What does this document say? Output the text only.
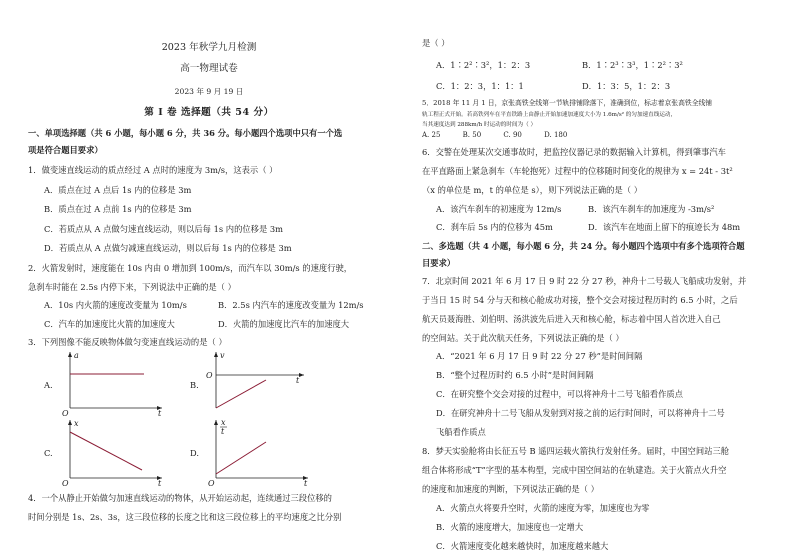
2023 年秋学九月检测
高一物理试卷
2023 年 9 月 19 日
第 I 卷 选择题（共 54 分）
一、单项选择题（共 6 小题，每小题 6 分，共 36 分。每小题四个选项中只有一个选
项是符合题目要求）
1．做变速直线运动的质点经过 A 点时的速度为 3m/s，这表示（ ）
A．质点在过 A 点后 1s 内的位移是 3m
B．质点在过 A 点前 1s 内的位移是 3m
C．若质点从 A 点做匀速直线运动，则以后每 1s 内的位移是 3m
D．若质点从 A 点做匀减速直线运动，则以后每 1s 内的位移是 3m
2．火箭发射时，速度能在 10s 内由 0 增加到 100m/s，而汽车以 30m/s 的速度行驶，
急刹车时能在 2.5s 内停下来，下列说法中正确的是（ ）
A．10s 内火箭的速度改变量为 10m/s	B．2.5s 内汽车的速度改变量为 12m/s
C．汽车的加速度比火箭的加速度大	D．火箭的加速度比汽车的加速度大
3．下列图像不能反映物体做匀变速直线运动的是（ ）
A.
a
t
O
B.
v
t
O
C.
x
t
O
D.
x
t
t
O
4．一个从静止开始做匀加速直线运动的物体，从开始运动起，连续通过三段位移的
时间分别是 1s、2s、3s，这三段位移的长度之比和这三段位移上的平均速度之比分别
是（ ）
A．1∶2²∶3²，1：2：3	B．1∶2³∶3³，1∶2²∶3²
C．1：2：3，1：1：1	D．1：3：5，1：2：3
5．2018 年 11 月 1 日，京张高铁全线第一节轨排铺除落下，准确到位，标志着京张高铁全线铺
轨工程正式开始。若高铁列车在平直铁路上由静止开始加速加速度大小为 1.6m/s² 的匀加速直线运动，
当其速度达到 288km/h 时运动的时间为（ ）
A. 25          B. 50          C. 90          D. 180
6．交警在处理某次交通事故时，把监控仪器记录的数据输入计算机，得到肇事汽车
在平直路面上紧急刹车（车轮抱死）过程中的位移随时间变化的规律为 x = 24t - 3t²
（x 的单位是 m，t 的单位是 s），则下列说法正确的是（ ）
A．该汽车刹车的初速度为 12m/s	B．该汽车刹车的加速度为 -3m/s²
C．刹车后 5s 内的位移为 45m	D．该汽车在地面上留下的痕迹长为 48m
二、多选题（共 4 小题，每小题 6 分，共 24 分。每小题四个选项中有多个选项符合题
目要求）
7．北京时间 2021 年 6 月 17 日 9 时 22 分 27 秒，神舟十二号载人飞船成功发射，并
于当日 15 时 54 分与天和核心舱成功对接，整个交会对接过程历时约 6.5 小时，之后
航天员聂海胜、刘伯明、汤洪波先后进入天和核心舱，标志着中国人首次进入自己
的空间站。关于此次航天任务，下列说法正确的是（ ）
A．“2021 年 6 月 17 日 9 时 22 分 27 秒”是时间间隔
B．“整个过程历时约 6.5 小时”是时间间隔
C．在研究整个交会对接的过程中，可以将神舟十二号飞船看作质点
D．在研究神舟十二号飞船从发射到对接之前的运行时间时，可以将神舟十二号
飞船看作质点
8．梦天实验舱将由长征五号 B 遥四运载火箭执行发射任务。届时，中国空间站三舱
组合体将形成“T”字型的基本构型，完成中国空间站的在轨建造。关于火箭点火升空
的速度和加速度的判断，下列说法正确的是（ ）
A．火箭点火将要升空时，火箭的速度为零，加速度也为零
B．火箭的速度增大，加速度也一定增大
C．火箭速度变化越来越快时，加速度越来越大
